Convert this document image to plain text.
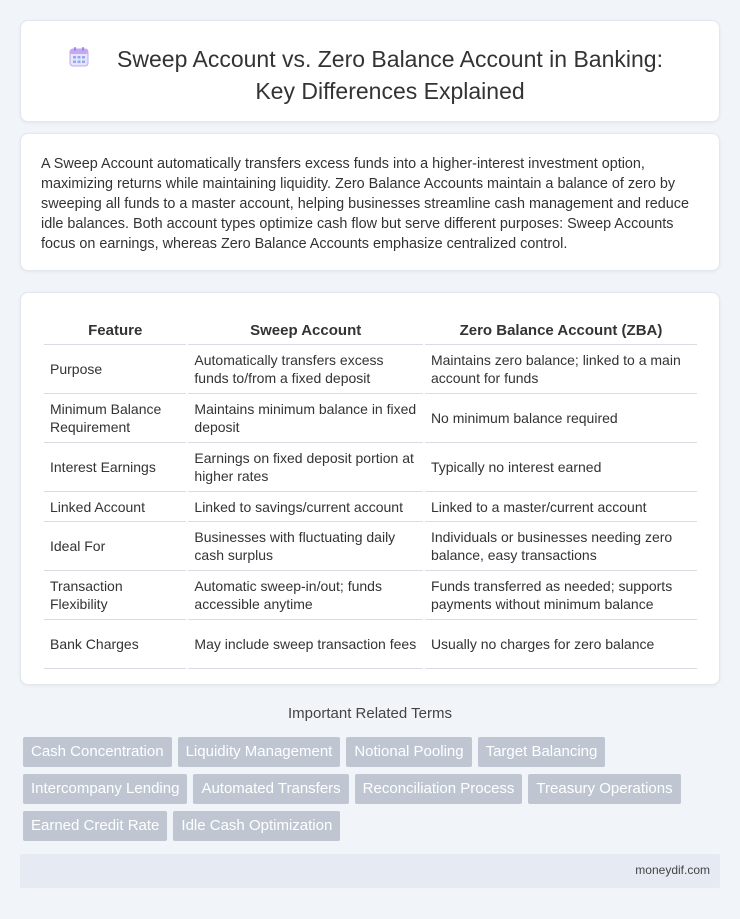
Sweep Account vs. Zero Balance Account in Banking: Key Differences Explained

A Sweep Account automatically transfers excess funds into a higher-interest investment option, maximizing returns while maintaining liquidity. Zero Balance Accounts maintain a balance of zero by sweeping all funds to a master account, helping businesses streamline cash management and reduce idle balances. Both account types optimize cash flow but serve different purposes: Sweep Accounts focus on earnings, whereas Zero Balance Accounts emphasize centralized control.

Feature	Sweep Account	Zero Balance Account (ZBA)
Purpose	Automatically transfers excess funds to/from a fixed deposit	Maintains zero balance; linked to a main account for funds
Minimum Balance Requirement	Maintains minimum balance in fixed deposit	No minimum balance required
Interest Earnings	Earnings on fixed deposit portion at higher rates	Typically no interest earned
Linked Account	Linked to savings/current account	Linked to a master/current account
Ideal For	Businesses with fluctuating daily cash surplus	Individuals or businesses needing zero balance, easy transactions
Transaction Flexibility	Automatic sweep-in/out; funds accessible anytime	Funds transferred as needed; supports payments without minimum balance
Bank Charges	May include sweep transaction fees	Usually no charges for zero balance
Important Related Terms
Cash Concentration	Liquidity Management	Notional Pooling	Target Balancing
Intercompany Lending	Automated Transfers	Reconciliation Process	Treasury Operations
Earned Credit Rate	Idle Cash Optimization
moneydif.com
